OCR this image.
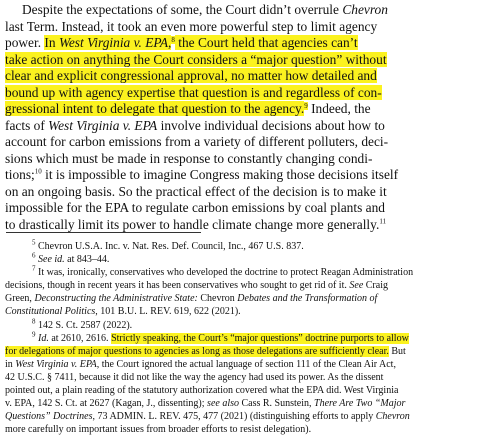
Despite the expectations of some, the Court didn’t overrule Chevron
last Term. Instead, it took an even more powerful step to limit agency
power. In West Virginia v. EPA,$^8$ the Court held that agencies can’t
take action on anything the Court considers a “major question” without
clear and explicit congressional approval, no matter how detailed and
bound up with agency expertise that question is and regardless of con-
gressional intent to delegate that question to the agency.$^9$ Indeed, the
facts of West Virginia v. EPA involve individual decisions about how to
account for carbon emissions from a variety of different polluters, deci-
sions which must be made in response to constantly changing condi-
tions;$^{10}$ it is impossible to imagine Congress making those decisions itself
on an ongoing basis. So the practical effect of the decision is to make it
impossible for the EPA to regulate carbon emissions by coal plants and
to drastically limit its power to handle climate change more generally.$^{11}$
$^5$ Chevron U.S.A. Inc. v. Nat. Res. Def. Council, Inc., 467 U.S. 837.
$^6$ See id. at 843–44.
$^7$ It was, ironically, conservatives who developed the doctrine to protect Reagan Administration
decisions, though in recent years it has been conservatives who sought to get rid of it. See Craig
Green, Deconstructing the Administrative State: Chevron Debates and the Transformation of
Constitutional Politics, 101 B.U. L. REV. 619, 622 (2021).
$^8$ 142 S. Ct. 2587 (2022).
$^9$ Id. at 2610, 2616. Strictly speaking, the Court’s “major questions” doctrine purports to allow
for delegations of major questions to agencies as long as those delegations are sufficiently clear. But
in West Virginia v. EPA, the Court ignored the actual language of section 111 of the Clean Air Act,
42 U.S.C. § 7411, because it did not like the way the agency had used its power. As the dissent
pointed out, a plain reading of the statutory authorization covered what the EPA did. West Virginia
v. EPA, 142 S. Ct. at 2627 (Kagan, J., dissenting); see also Cass R. Sunstein, There Are Two “Major
Questions” Doctrines, 73 ADMIN. L. REV. 475, 477 (2021) (distinguishing efforts to apply Chevron
more carefully on important issues from broader efforts to resist delegation).
